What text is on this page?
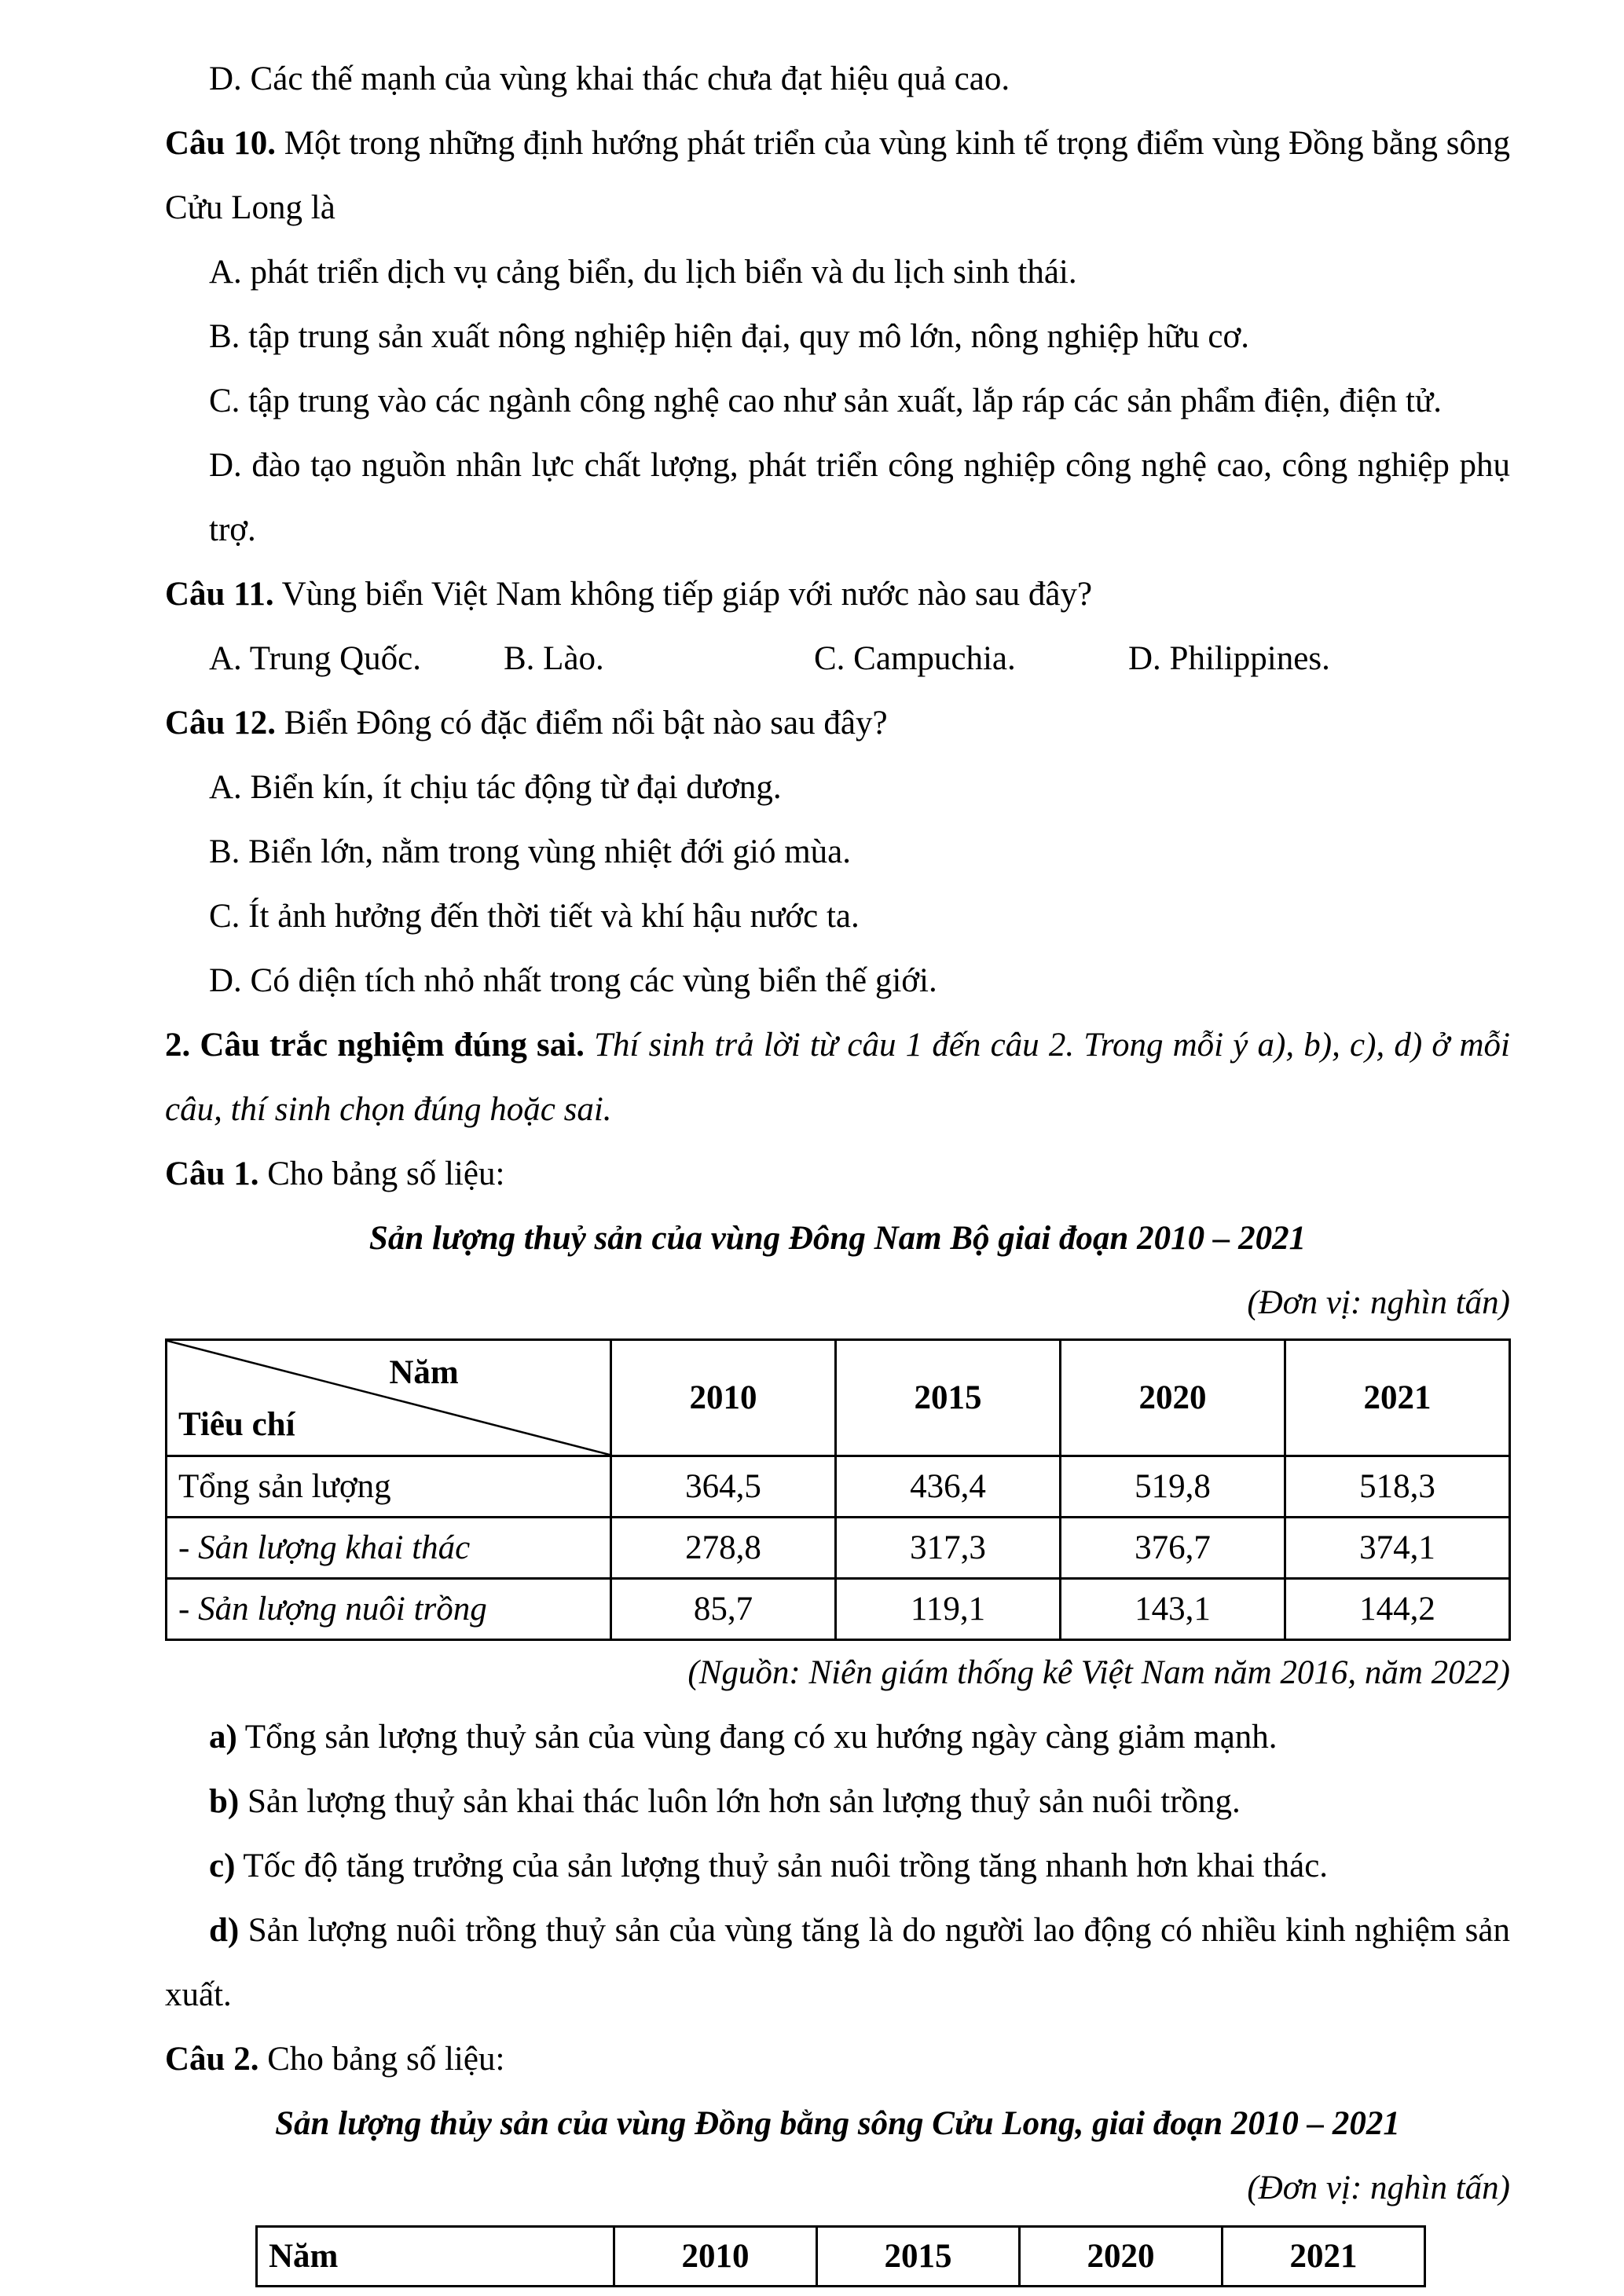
D. Các thế mạnh của vùng khai thác chưa đạt hiệu quả cao.

Câu 10. Một trong những định hướng phát triển của vùng kinh tế trọng điểm vùng Đồng bằng sông Cửu Long là

A. phát triển dịch vụ cảng biển, du lịch biển và du lịch sinh thái.

B. tập trung sản xuất nông nghiệp hiện đại, quy mô lớn, nông nghiệp hữu cơ.

C. tập trung vào các ngành công nghệ cao như sản xuất, lắp ráp các sản phẩm điện, điện tử.

D. đào tạo nguồn nhân lực chất lượng, phát triển công nghiệp công nghệ cao, công nghiệp phụ trợ.

Câu 11. Vùng biển Việt Nam không tiếp giáp với nước nào sau đây?

A. Trung Quốc.	B. Lào.	C. Campuchia.	D. Philippines.

Câu 12. Biển Đông có đặc điểm nổi bật nào sau đây?

A. Biển kín, ít chịu tác động từ đại dương.

B. Biển lớn, nằm trong vùng nhiệt đới gió mùa.

C. Ít ảnh hưởng đến thời tiết và khí hậu nước ta.

D. Có diện tích nhỏ nhất trong các vùng biển thế giới.

2. Câu trắc nghiệm đúng sai. Thí sinh trả lời từ câu 1 đến câu 2. Trong mỗi ý a), b), c), d) ở mỗi câu, thí sinh chọn đúng hoặc sai.

Câu 1. Cho bảng số liệu:

Sản lượng thuỷ sản của vùng Đông Nam Bộ giai đoạn 2010 – 2021

(Đơn vị: nghìn tấn)

Năm
Tiêu chí	2010	2015	2020	2021
Tổng sản lượng	364,5	436,4	519,8	518,3
- Sản lượng khai thác	278,8	317,3	376,7	374,1
- Sản lượng nuôi trồng	85,7	119,1	143,1	144,2

(Nguồn: Niên giám thống kê Việt Nam năm 2016, năm 2022)

a) Tổng sản lượng thuỷ sản của vùng đang có xu hướng ngày càng giảm mạnh.

b) Sản lượng thuỷ sản khai thác luôn lớn hơn sản lượng thuỷ sản nuôi trồng.

c) Tốc độ tăng trưởng của sản lượng thuỷ sản nuôi trồng tăng nhanh hơn khai thác.

d) Sản lượng nuôi trồng thuỷ sản của vùng tăng là do người lao động có nhiều kinh nghiệm sản xuất.

Câu 2. Cho bảng số liệu:

Sản lượng thủy sản của vùng Đồng bằng sông Cửu Long, giai đoạn 2010 – 2021

(Đơn vị: nghìn tấn)

Năm	2010	2015	2020	2021
